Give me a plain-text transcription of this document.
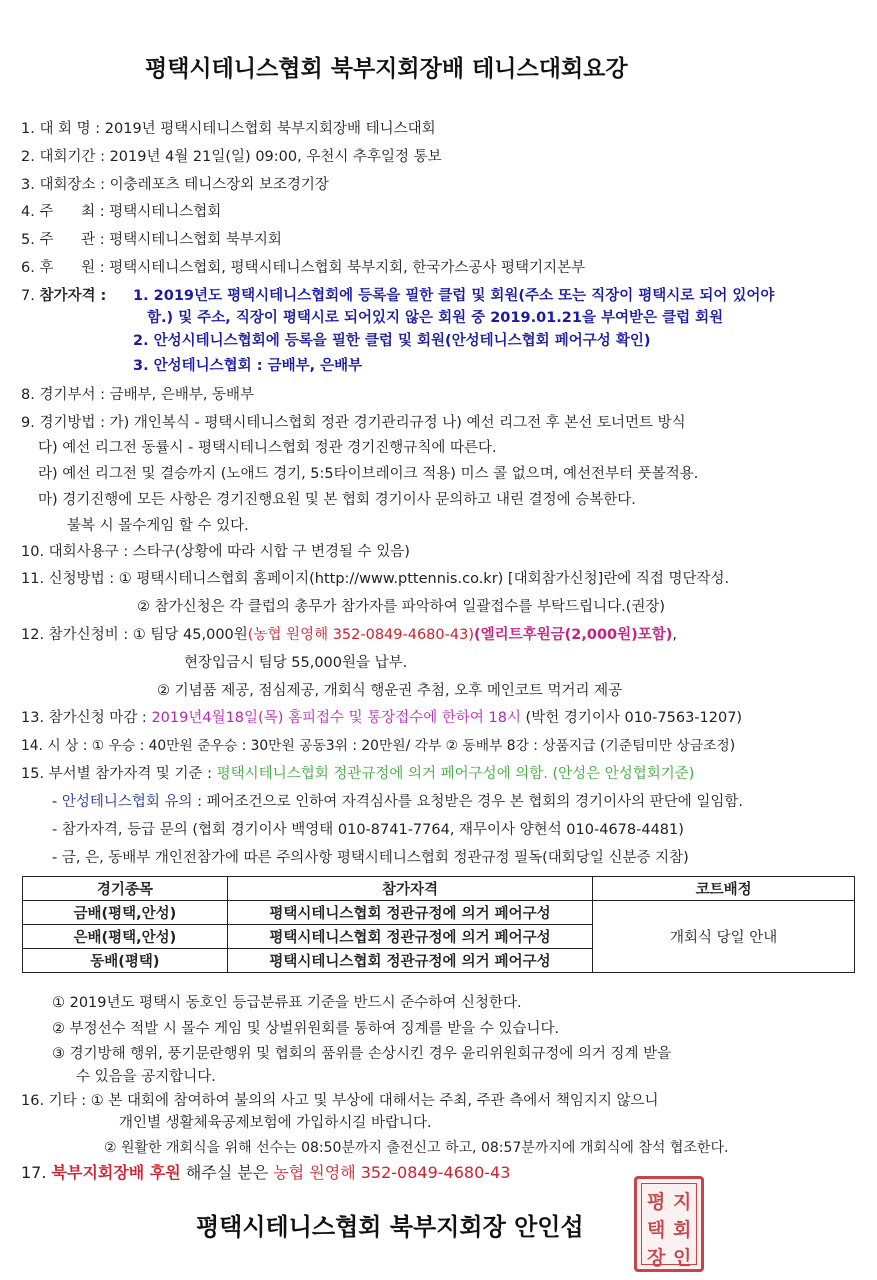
평택시테니스협회 북부지회장배 테니스대회요강
1. 대 회 명 : 2019년 평택시테니스협회 북부지회장배 테니스대회
2. 대회기간 : 2019년 4월 21일(일) 09:00, 우천시 추후일정 통보
3. 대회장소 : 이충레포츠 테니스장외 보조경기장
4. 주      최 : 평택시테니스협회
5. 주      관 : 평택시테니스협회 북부지회
6. 후      원 : 평택시테니스협회, 평택시테니스협회 북부지회, 한국가스공사 평택기지본부
7. 참가자격 : 1. 2019년도 평택시테니스협회에 등록을 필한 클럽 및 회원(주소 또는 직장이 평택시로 되어 있어야
함.) 및 주소, 직장이 평택시로 되어있지 않은 회원 중 2019.01.21을 부여받은 클럽 회원
2. 안성시테니스협회에 등록을 필한 클럽 및 회원(안성테니스협회 페어구성 확인)
3. 안성테니스협회 : 금배부, 은배부
8. 경기부서 : 금배부, 은배부, 동배부
9. 경기방법 : 가) 개인복식 - 평택시테니스협회 정관 경기관리규정 나) 예선 리그전 후 본선 토너먼트 방식
다) 예선 리그전 동률시 - 평택시테니스협회 정관 경기진행규칙에 따른다.
라) 예선 리그전 및 결승까지 (노애드 경기, 5:5타이브레이크 적용) 미스 콜 없으며, 예선전부터 풋볼적용.
마) 경기진행에 모든 사항은 경기진행요원 및 본 협회 경기이사 문의하고 내린 결정에 승복한다.
불복 시 몰수게임 할 수 있다.
10. 대회사용구 : 스타구(상황에 따라 시합 구 변경될 수 있음)
11. 신청방법 : ① 평택시테니스협회 홈페이지(http://www.pttennis.co.kr) [대회참가신청]란에 직접 명단작성.
② 참가신청은 각 클럽의 총무가 참가자를 파악하여 일괄접수를 부탁드립니다.(권장)
12. 참가신청비 : ① 팀당 45,000원(농협 원영해 352-0849-4680-43)(엘리트후원금(2,000원)포함),
현장입금시 팀당 55,000원을 납부.
② 기념품 제공, 점심제공, 개회식 행운권 추첨, 오후 메인코트 먹거리 제공
13. 참가신청 마감 : 2019년4월18일(목) 홈피접수 및 통장접수에 한하여 18시 (박헌 경기이사 010-7563-1207)
14. 시 상 : ① 우승 : 40만원 준우승 : 30만원 공동3위 : 20만원/ 각부 ② 동배부 8강 : 상품지급 (기준팀미만 상금조정)
15. 부서별 참가자격 및 기준 : 평택시테니스협회 정관규정에 의거 페어구성에 의함. (안성은 안성협회기준)
- 안성테니스협회 유의 : 페어조건으로 인하여 자격심사를 요청받은 경우 본 협회의 경기이사의 판단에 일임함.
- 참가자격, 등급 문의 (협회 경기이사 백영태 010-8741-7764, 재무이사 양현석 010-4678-4481)
- 금, 은, 동배부 개인전참가에 따른 주의사항 평택시테니스협회 정관규정 필독(대회당일 신분증 지참)
경기종목	참가자격	코트배정
금배(평택,안성)	평택시테니스협회 정관규정에 의거 페어구성	개회식 당일 안내
은배(평택,안성)	평택시테니스협회 정관규정에 의거 페어구성	
동배(평택)	평택시테니스협회 정관규정에 의거 페어구성	
① 2019년도 평택시 동호인 등급분류표 기준을 반드시 준수하여 신청한다.
② 부정선수 적발 시 몰수 게임 및 상벌위원회를 통하여 징계를 받을 수 있습니다.
③ 경기방해 행위, 풍기문란행위 및 협회의 품위를 손상시킨 경우 윤리위원회규정에 의거 징계 받을
수 있음을 공지합니다.
16. 기타 : ① 본 대회에 참여하여 불의의 사고 및 부상에 대해서는 주최, 주관 측에서 책임지지 않으니
개인별 생활체육공제보험에 가입하시길 바랍니다.
② 원활한 개회식을 위해 선수는 08:50분까지 출전신고 하고, 08:57분까지에 개회식에 참석 협조한다.
17. 북부지회장배 후원 해주실 분은 농협 원영해 352-0849-4680-43
평택시테니스협회 북부지회장 안인섭
평 지
택 회
장 인
